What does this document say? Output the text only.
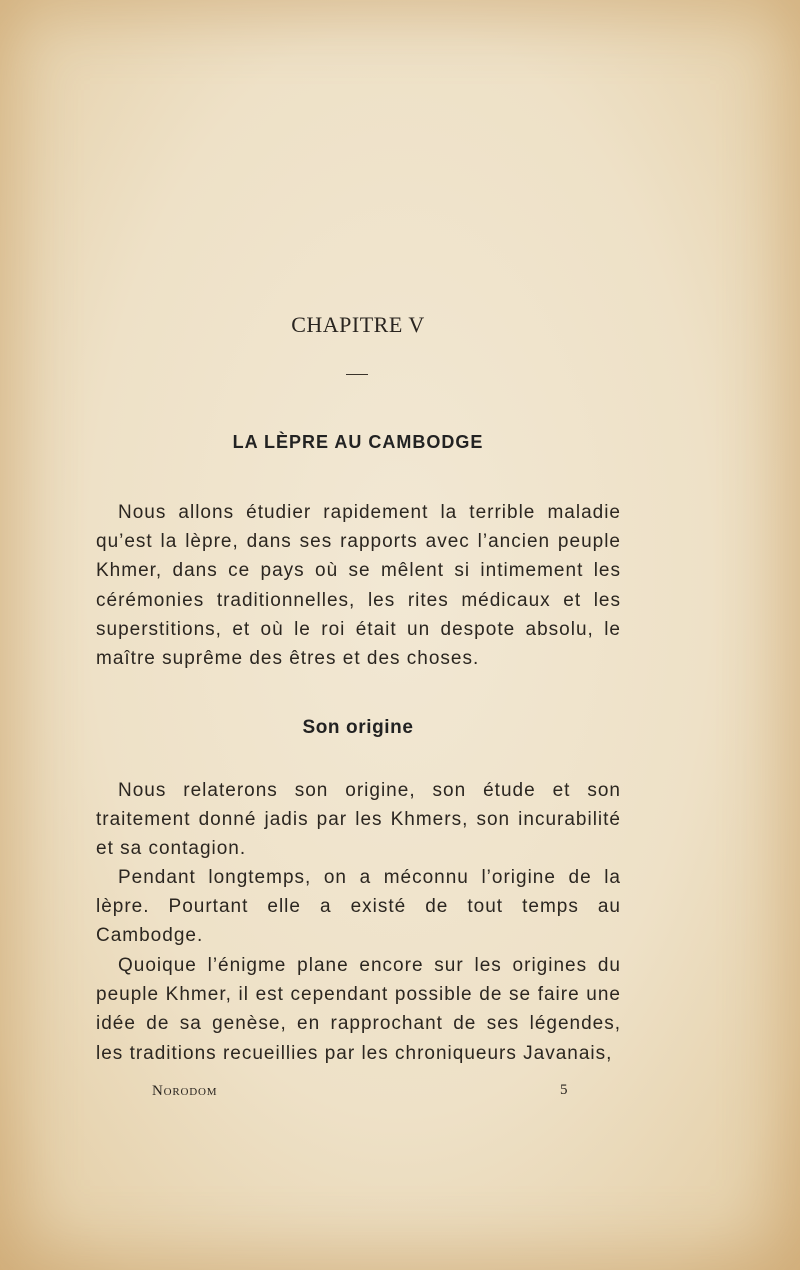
CHAPITRE V
LA LÈPRE AU CAMBODGE

Nous allons étudier rapidement la terrible maladie qu’est la lèpre, dans ses rapports avec l’ancien peuple Khmer, dans ce pays où se mêlent si intimement les cérémonies traditionnelles, les rites médicaux et les superstitions, et où le roi était un despote absolu, le maître suprême des êtres et des choses.

Son origine

Nous relaterons son origine, son étude et son traitement donné jadis par les Khmers, son incurabilité et sa contagion.

Pendant longtemps, on a méconnu l’origine de la lèpre. Pourtant elle a existé de tout temps au Cambodge.

Quoique l’énigme plane encore sur les origines du peuple Khmer, il est cependant possible de se faire une idée de sa genèse, en rapprochant de ses légendes, les traditions recueillies par les chroniqueurs Javanais,

Norodom	5
